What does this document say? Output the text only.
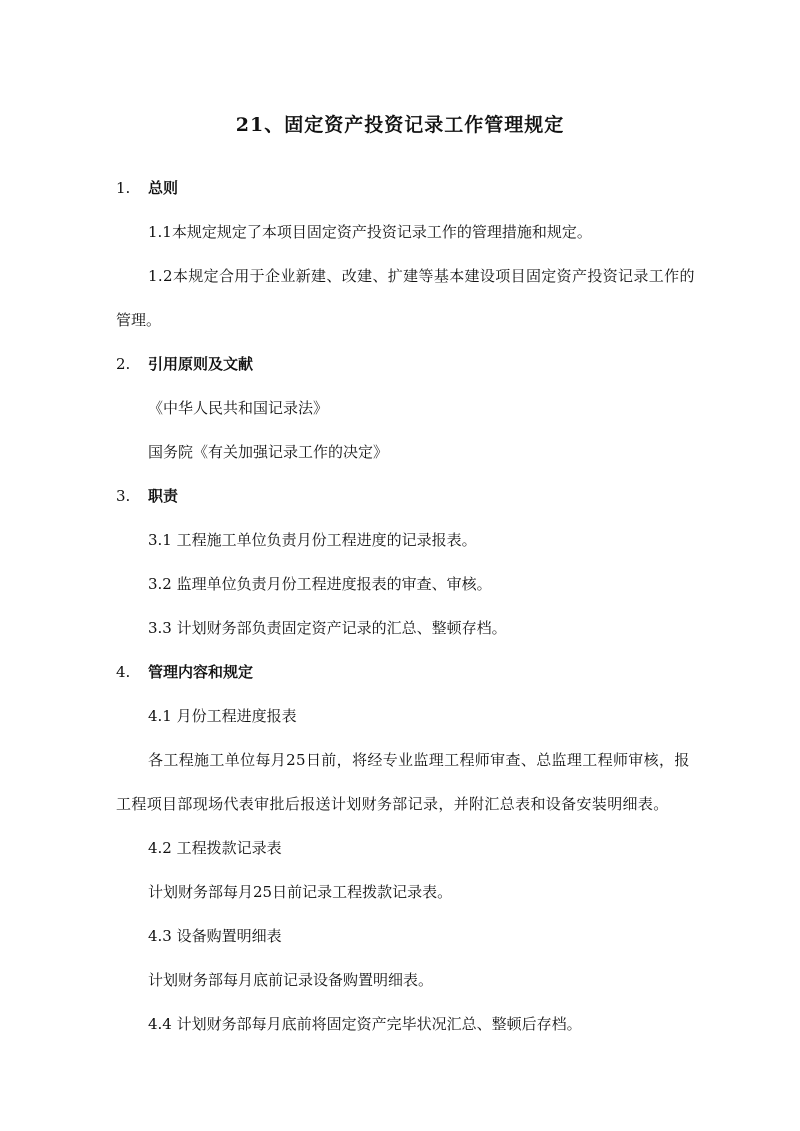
21、固定资产投资记录工作管理规定
1. 总则
1.1本规定规定了本项目固定资产投资记录工作的管理措施和规定。
1.2本规定合用于企业新建、改建、扩建等基本建设项目固定资产投资记录工作的
管理。
2. 引用原则及文献
《中华人民共和国记录法》
国务院《有关加强记录工作的决定》
3. 职责
3.1 工程施工单位负责月份工程进度的记录报表。
3.2 监理单位负责月份工程进度报表的审查、审核。
3.3 计划财务部负责固定资产记录的汇总、整顿存档。
4. 管理内容和规定
4.1 月份工程进度报表
各工程施工单位每月25日前，将经专业监理工程师审查、总监理工程师审核，报
工程项目部现场代表审批后报送计划财务部记录，并附汇总表和设备安装明细表。
4.2 工程拨款记录表
计划财务部每月25日前记录工程拨款记录表。
4.3 设备购置明细表
计划财务部每月底前记录设备购置明细表。
4.4 计划财务部每月底前将固定资产完毕状况汇总、整顿后存档。
